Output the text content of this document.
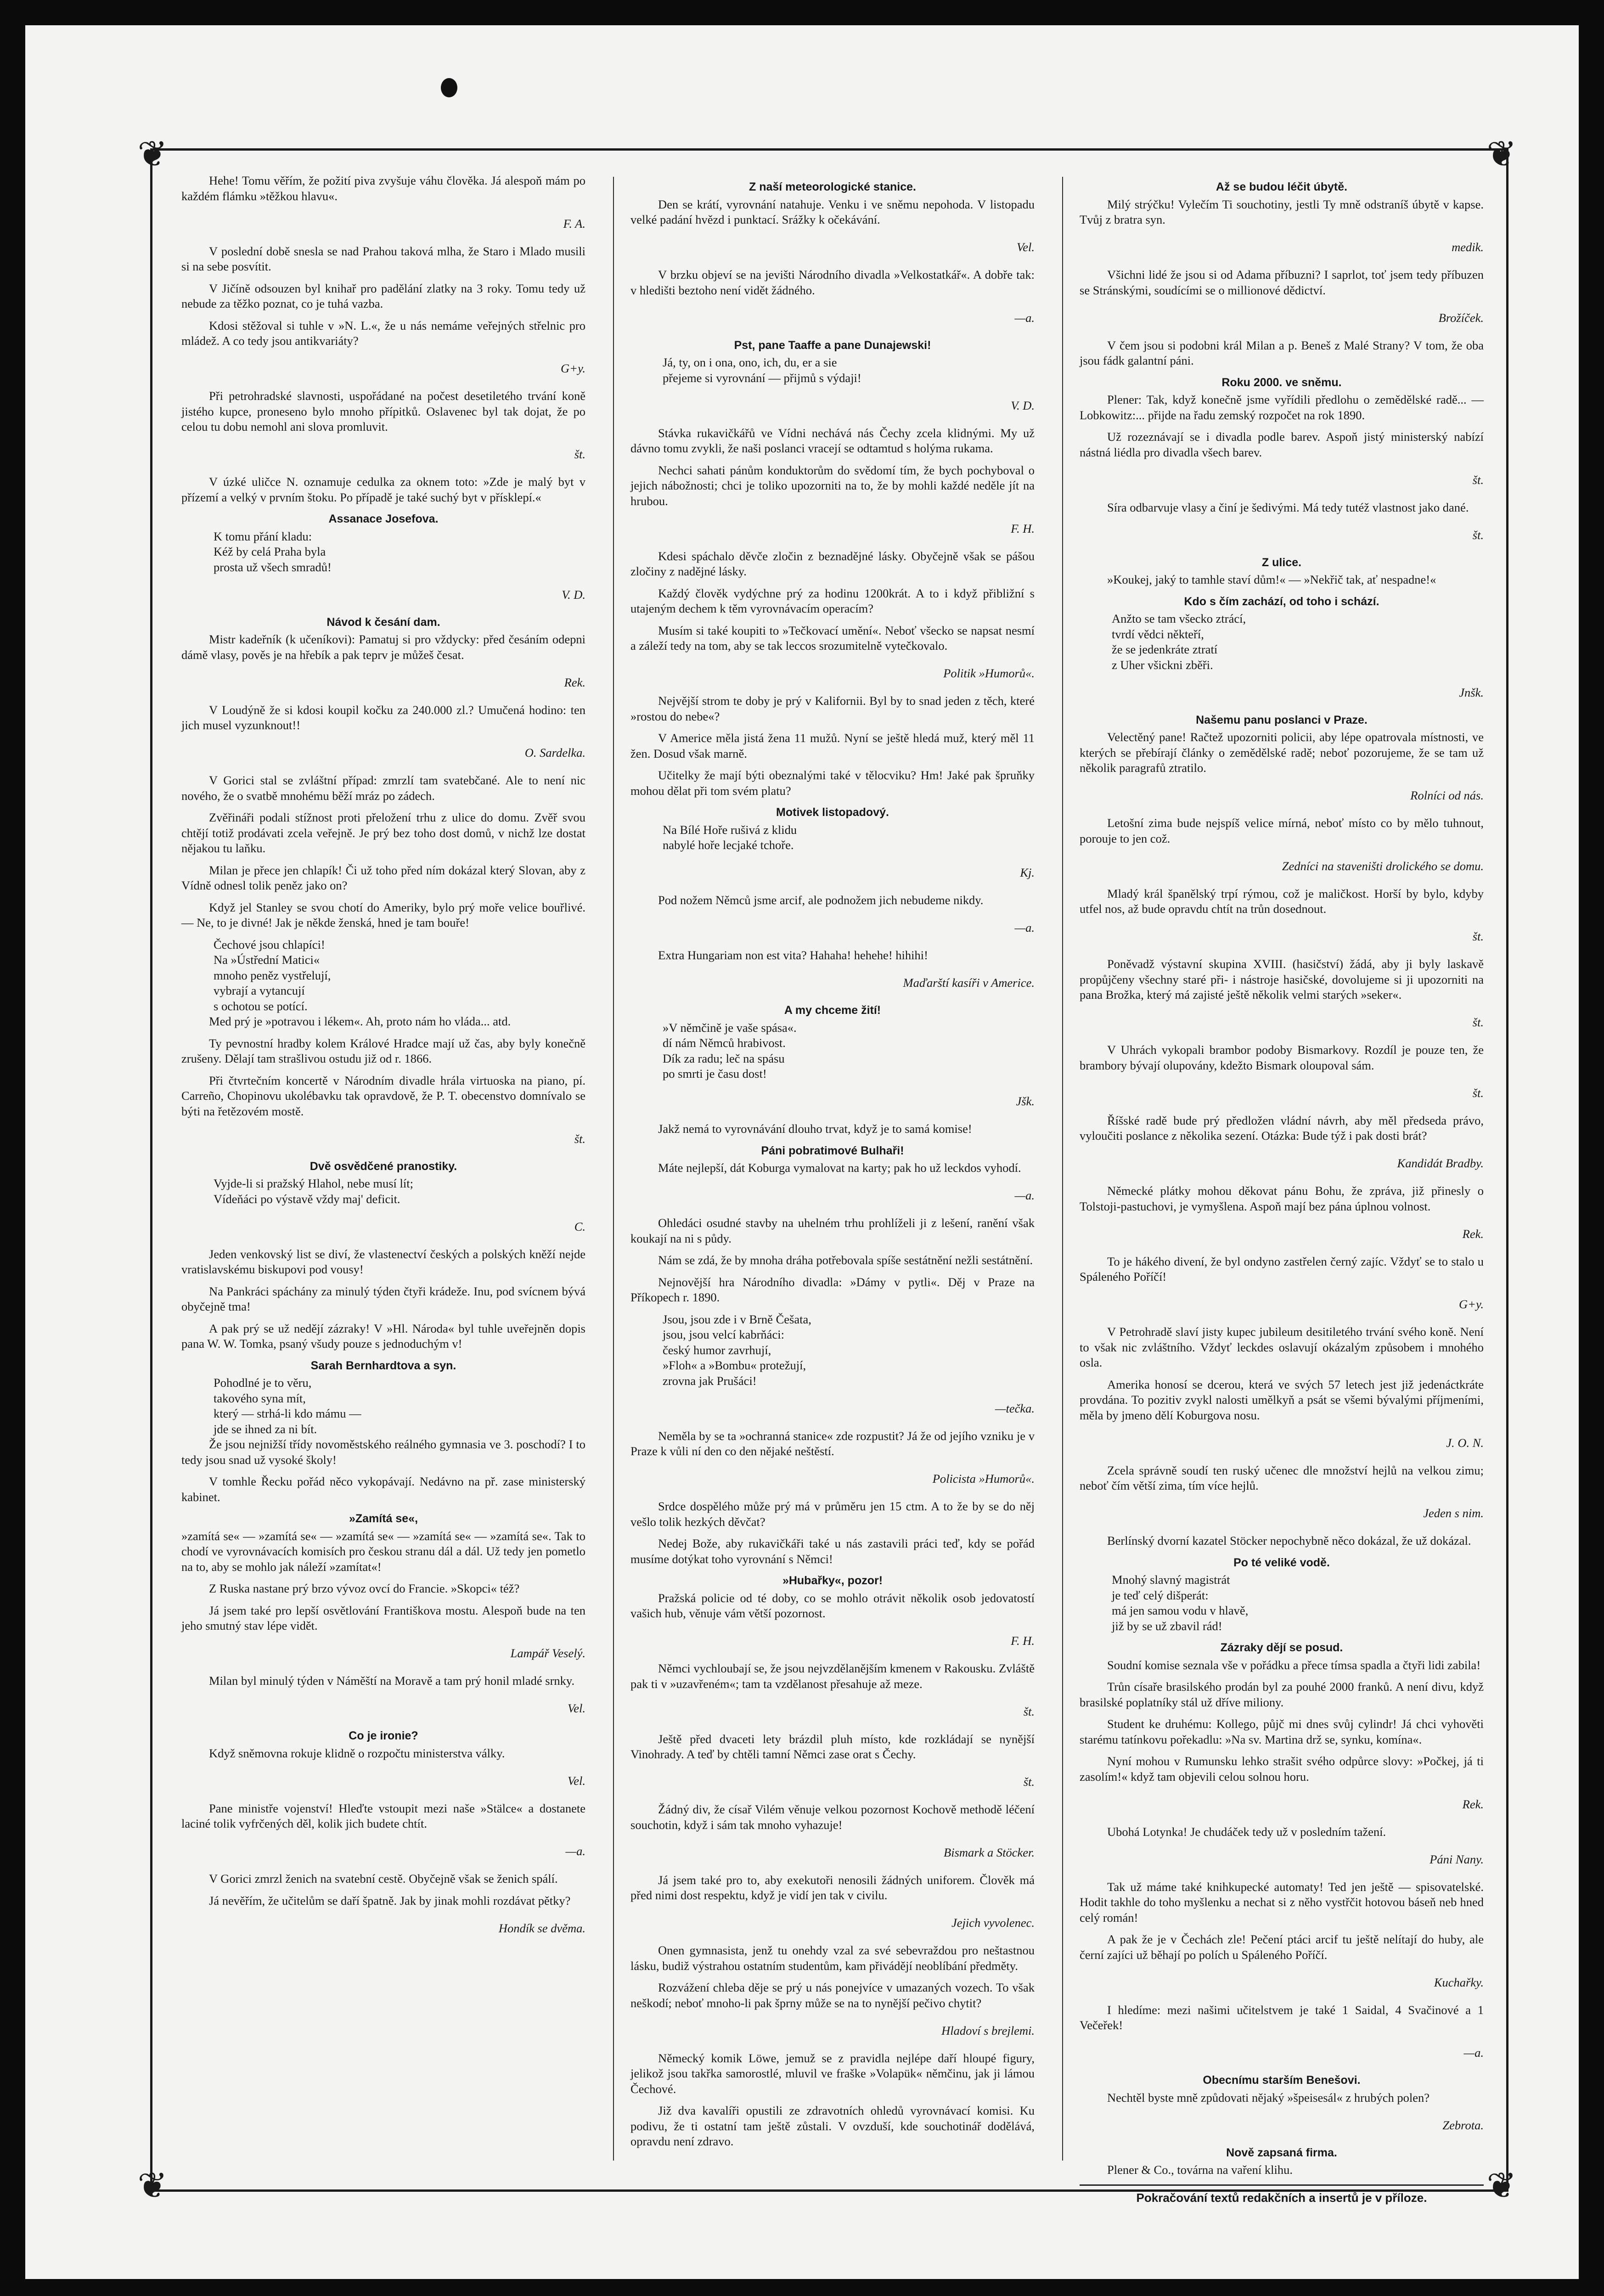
❦	❦
❦	❦

Hehe! Tomu věřím, že požití piva zvyšuje váhu člověka. Já alespoň mám po každém flámku »těžkou hlavu«.

F. A.

V poslední době snesla se nad Prahou taková mlha, že Staro i Mlado musili si na sebe posvítit.

V Jičíně odsouzen byl knihař pro padělání zlatky na 3 roky. Tomu tedy už nebude za těžko poznat, co je tuhá vazba.

Kdosi stěžoval si tuhle v »N. L.«, že u nás nemáme veřejných střelnic pro mládež. A co tedy jsou antikvariáty?

G+y.

Při petrohradské slavnosti, uspořádané na počest desetiletého trvání koně jistého kupce, proneseno bylo mnoho přípitků. Oslavenec byl tak dojat, že po celou tu dobu nemohl ani slova promluvit.

št.

V úzké uličce N. oznamuje cedulka za oknem toto: »Zde je malý byt v přízemí a velký v prvním štoku. Po případě je také suchý byt v přísklepí.«

Assanace Josefova.
K tomu přání kladu:
Kéž by celá Praha byla
prosta už všech smradů!

V. D.

Návod k česání dam.

Mistr kadeřník (k učeníkovi): Pamatuj si pro vždycky: před česáním odepni dámě vlasy, pověs je na hřebík a pak teprv je můžeš česat.

Rek.

V Loudýně že si kdosi koupil kočku za 240.000 zl.? Umučená hodino: ten jich musel vyzunknout!!

O. Sardelka.

V Gorici stal se zvláštní případ: zmrzlí tam svatebčané. Ale to není nic nového, že o svatbě mnohému běží mráz po zádech.

Zvěřináři podali stížnost proti přeložení trhu z ulice do domu. Zvěř svou chtějí totiž prodávati zcela veřejně. Je prý bez toho dost domů, v nichž lze dostat nějakou tu laňku.

Milan je přece jen chlapík! Či už toho před ním dokázal který Slovan, aby z Vídně odnesl tolik peněz jako on?

Když jel Stanley se svou chotí do Ameriky, bylo prý moře velice bouřlivé. — Ne, to je divné! Jak je někde ženská, hned je tam bouře!

Čechové jsou chlapíci!
Na »Ústřední Matici«
mnoho peněz vystřelují,
vybrají a vytancují
s ochotou se potící.

Med prý je »potravou i lékem«. Ah, proto nám ho vláda... atd.

Ty pevnostní hradby kolem Králové Hradce mají už čas, aby byly konečně zrušeny. Dělají tam strašlivou ostudu již od r. 1866.

Při čtvrtečním koncertě v Národním divadle hrála virtuoska na piano, pí. Carreño, Chopinovu ukolébavku tak opravdově, že P. T. obecenstvo domnívalo se býti na řetězovém mostě.

št.

Dvě osvědčené pranostiky.
Vyjde-li si pražský Hlahol, nebe musí lít;
Vídeňáci po výstavě vždy maj' deficit.

C.

Jeden venkovský list se diví, že vlastenectví českých a polských kněží nejde vratislavskému biskupovi pod vousy!

Na Pankráci spáchány za minulý týden čtyři krádeže. Inu, pod svícnem bývá obyčejně tma!

A pak prý se už nedějí zázraky! V »Hl. Národa« byl tuhle uveřejněn dopis pana W. W. Tomka, psaný všudy pouze s jednoduchým v!

Sarah Bernhardtova a syn.
Pohodlné je to věru,
takového syna mít,
který — strhá-li kdo mámu —
jde se ihned za ni bít.

Že jsou nejnižší třídy novoměstského reálného gymnasia ve 3. poschodí? I to tedy jsou snad už vysoké školy!

V tomhle Řecku pořád něco vykopávají. Nedávno na př. zase ministerský kabinet.

»Zamítá se«,

»zamítá se« — »zamítá se« — »zamítá se« — »zamítá se« — »zamítá se«. Tak to chodí ve vyrovnávacích komisích pro českou stranu dál a dál. Už tedy jen pometlo na to, aby se mohlo jak náleží »zamítat«!

Z Ruska nastane prý brzo vývoz ovcí do Francie. »Skopci« též?

Já jsem také pro lepší osvětlování Františkova mostu. Alespoň bude na ten jeho smutný stav lépe vidět.

Lampář Veselý.

Milan byl minulý týden v Náměští na Moravě a tam prý honil mladé srnky.

Vel.

Co je ironie?

Když sněmovna rokuje klidně o rozpočtu ministerstva války.

Vel.

Pane ministře vojenství! Hleďte vstoupit mezi naše »Stälce« a dostanete laciné tolik vyfrčených děl, kolik jich budete chtít.

—a.

V Gorici zmrzl ženich na svatební cestě. Obyčejně však se ženich spálí.

Já nevěřím, že učitelům se daří špatně. Jak by jinak mohli rozdávat pětky?

Hondík se dvěma.

Z naší meteorologické stanice.

Den se krátí, vyrovnání natahuje. Venku i ve sněmu nepohoda. V listopadu velké padání hvězd i punktací. Srážky k očekávání.

Vel.

V brzku objeví se na jevišti Národního divadla »Velkostatkář«. A dobře tak: v hledišti beztoho není vidět žádného.

—a.

Pst, pane Taaffe a pane Dunajewski!
Já, ty, on i ona, ono, ich, du, er a sie
přejeme si vyrovnání — přijmů s výdaji!

V. D.

Stávka rukavičkářů ve Vídni nechává nás Čechy zcela klidnými. My už dávno tomu zvykli, že naši poslanci vracejí se odtamtud s holýma rukama.

Nechci sahati pánům konduktorům do svědomí tím, že bych pochyboval o jejich nábožnosti; chci je toliko upozorniti na to, že by mohli každé neděle jít na hrubou.

F. H.

Kdesi spáchalo děvče zločin z beznadějné lásky. Obyčejně však se pášou zločiny z nadějné lásky.

Každý člověk vydýchne prý za hodinu 1200krát. A to i když přibližní s utajeným dechem k těm vyrovnávacím operacím?

Musím si také koupiti to »Tečkovací umění«. Neboť všecko se napsat nesmí a záleží tedy na tom, aby se tak leccos srozumitelně vytečkovalo.

Politik »Humorů«.

Nejvější strom te doby je prý v Kalifornii. Byl by to snad jeden z těch, které »rostou do nebe«?

V Americe měla jistá žena 11 mužů. Nyní se ještě hledá muž, který měl 11 žen. Dosud však marně.

Učitelky že mají býti obeznalými také v tělocviku? Hm! Jaké pak špruňky mohou dělat při tom svém platu?

Motivek listopadový.
Na Bílé Hoře rušivá z klidu
nabylé hoře lecjaké tchoře.

Kj.

Pod nožem Němců jsme arcif, ale podnožem jich nebudeme nikdy.

—a.

Extra Hungariam non est vita? Hahaha! hehehe! hihihi!

Maďarští kasíři v Americe.

A my chceme žití!
»V němčině je vaše spása«.
dí nám Němců hrabivost.
Dík za radu; leč na spásu
po smrti je času dost!

Jšk.

Jakž nemá to vyrovnávání dlouho trvat, když je to samá komise!

Páni pobratimové Bulhaři!

Máte nejlepší, dát Koburga vymalovat na karty; pak ho už leckdos vyhodí.

—a.

Ohledáci osudné stavby na uhelném trhu prohlíželi ji z lešení, ranění však koukají na ni s půdy.

Nám se zdá, že by mnoha dráha potřebovala spíše sestátnění nežli sestátnění.

Nejnovější hra Národního divadla: »Dámy v pytli«. Děj v Praze na Příkopech r. 1890.

Jsou, jsou zde i v Brně Češata,
jsou, jsou velcí kabrňáci:
český humor zavrhují,
»Floh« a »Bombu« protežují,
zrovna jak Prušáci!

—tečka.

Neměla by se ta »ochranná stanice« zde rozpustit? Já že od jejího vzniku je v Praze k vůli ní den co den nějaké neštěstí.

Policista »Humorů«.

Srdce dospělého může prý má v průměru jen 15 ctm. A to že by se do něj vešlo tolik hezkých děvčat?

Nedej Bože, aby rukavičkáři také u nás zastavili práci teď, kdy se pořád musíme dotýkat toho vyrovnání s Němci!

»Hubařky«, pozor!

Pražská policie od té doby, co se mohlo otrávit několik osob jedovatostí vašich hub, věnuje vám větší pozornost.

F. H.

Němci vychloubají se, že jsou nejvzdělanějším kmenem v Rakousku. Zvláště pak ti v »uzavřeném«; tam ta vzdělanost přesahuje až meze.

št.

Ještě před dvaceti lety brázdil pluh místo, kde rozkládají se nynější Vinohrady. A teď by chtěli tamní Němci zase orat s Čechy.

št.

Žádný div, že císař Vilém věnuje velkou pozornost Kochově methodě léčení souchotin, když i sám tak mnoho vyhazuje!

Bismark a Stöcker.

Já jsem také pro to, aby exekutoři nenosili žádných uniforem. Člověk má před nimi dost respektu, když je vidí jen tak v civilu.

Jejich vyvolenec.

Onen gymnasista, jenž tu onehdy vzal za své sebevraždou pro neštastnou lásku, budiž výstrahou ostatním studentům, kam přivádějí neoblíbání předměty.

Rozvážení chleba děje se prý u nás ponejvíce v umazaných vozech. To však neškodí; neboť mnoho-li pak šprny může se na to nynější pečivo chytit?

Hladoví s brejlemi.

Německý komik Löwe, jemuž se z pravidla nejlépe daří hloupé figury, jelikož jsou takřka samorostlé, mluvil ve fraške »Volapük« němčinu, jak ji lámou Čechové.

Již dva kavalíři opustili ze zdravotních ohledů vyrovnávací komisi. Ku podivu, že ti ostatní tam ještě zůstali. V ovzduší, kde souchotinář dodělává, opravdu není zdravo.

Až se budou léčit úbytě.

Milý strýčku! Vylečím Ti souchotiny, jestli Ty mně odstraníš úbytě v kapse. Tvůj z bratra syn.

medik.

Všichni lidé že jsou si od Adama příbuzni? I saprlot, toť jsem tedy příbuzen se Stránskými, soudícími se o millionové dědictví.

Brožíček.

V čem jsou si podobni král Milan a p. Beneš z Malé Strany? V tom, že oba jsou fádk galantní páni.

Roku 2000. ve sněmu.

Plener: Tak, když konečně jsme vyřídili předlohu o zemědělské radě... — Lobkowitz:... přijde na řadu zemský rozpočet na rok 1890.

Už rozeznávají se i divadla podle barev. Aspoň jistý ministerský nabízí nástná liédla pro divadla všech barev.

št.

Síra odbarvuje vlasy a činí je šedivými. Má tedy tutéž vlastnost jako dané.

št.

Z ulice.

»Koukej, jaký to tamhle staví dům!« — »Nekřič tak, ať nespadne!«

Kdo s čím zachází, od toho i schází.
Anžto se tam všecko ztrácí,
tvrdí vědci někteří,
že se jedenkráte ztratí
z Uher všickni zběři.

Jnšk.

Našemu panu poslanci v Praze.

Velectěný pane! Račtež upozorniti policii, aby lépe opatrovala místnosti, ve kterých se přebírají články o zemědělské radě; neboť pozorujeme, že se tam už několik paragrafů ztratilo.

Rolníci od nás.

Letošní zima bude nejspíš velice mírná, neboť místo co by mělo tuhnout, porouje to jen což.

Zedníci na staveništi drolického se domu.

Mladý král španělský trpí rýmou, což je maličkost. Horší by bylo, kdyby utfel nos, až bude opravdu chtít na trůn dosednout.

št.

Poněvadž výstavní skupina XVIII. (hasičství) žádá, aby ji byly laskavě propůjčeny všechny staré při- i nástroje hasičské, dovolujeme si ji upozorniti na pana Brožka, který má zajisté ještě několik velmi starých »seker«.

št.

V Uhrách vykopali brambor podoby Bismarkovy. Rozdíl je pouze ten, že brambory bývají olupovány, kdežto Bismark oloupoval sám.

št.

Říšské radě bude prý předložen vládní návrh, aby měl předseda právo, vyloučiti poslance z několika sezení. Otázka: Bude týž i pak dosti brát?

Kandidát Bradby.

Německé plátky mohou děkovat pánu Bohu, že zpráva, již přinesly o Tolstoji-pastuchovi, je vymyšlena. Aspoň mají bez pána úplnou volnost.

Rek.

To je hákého divení, že byl ondyno zastřelen černý zajíc. Vždyť se to stalo u Spáleného Poříčí!

G+y.

V Petrohradě slaví jisty kupec jubileum desitiletého trvání svého koně. Není to však nic zvláštního. Vždyť leckdes oslavují okázalým způsobem i mnohého osla.

Amerika honosí se dcerou, která ve svých 57 letech jest již jedenáctkráte provdána. To pozitiv zvykl nalosti umělkyň a psát se všemi bývalými příjmeními, měla by jmeno dělí Koburgova nosu.

J. O. N.

Zcela správně soudí ten ruský učenec dle množství hejlů na velkou zimu; neboť čím větší zima, tím více hejlů.

Jeden s nim.

Berlínský dvorní kazatel Stöcker nepochybně něco dokázal, že už dokázal.

Po té veliké vodě.
Mnohý slavný magistrát
je teď celý dišperát:
má jen samou vodu v hlavě,
již by se už zbavil rád!
Zázraky dějí se posud.

Soudní komise seznala vše v pořádku a přece tímsa spadla a čtyři lidi zabila!

Trůn císaře brasilského prodán byl za pouhé 2000 franků. A není divu, když brasilské poplatníky stál už dříve miliony.

Student ke druhému: Kollego, půjč mi dnes svůj cylindr! Já chci vyhověti starému tatínkovu pořekadlu: »Na sv. Martina drž se, synku, komína«.

Nyní mohou v Rumunsku lehko strašit svého odpůrce slovy: »Počkej, já ti zasolím!« když tam objevili celou solnou horu.

Rek.

Ubohá Lotynka! Je chudáček tedy už v posledním tažení.

Páni Nany.

Tak už máme také knihkupecké automaty! Ted jen ještě — spisovatelské. Hodit takhle do toho myšlenku a nechat si z něho vystřčit hotovou báseň neb hned celý román!

A pak že je v Čechách zle! Pečení ptáci arcif tu ještě nelítají do huby, ale černí zajíci už běhají po polích u Spáleného Poříčí.

Kuchařky.

I hledíme: mezi našimi učitelstvem je také 1 Saidal, 4 Svačinové a 1 Večeřek!

—a.

Obecnímu starším Benešovi.

Nechtěl byste mně způdovati nějaký »špeisesál« z hrubých polen?

Zebrota.

Nově zapsaná firma.

Plener & Co., továrna na vaření klihu.

Pokračování textů redakčních a insertů je v příloze.
